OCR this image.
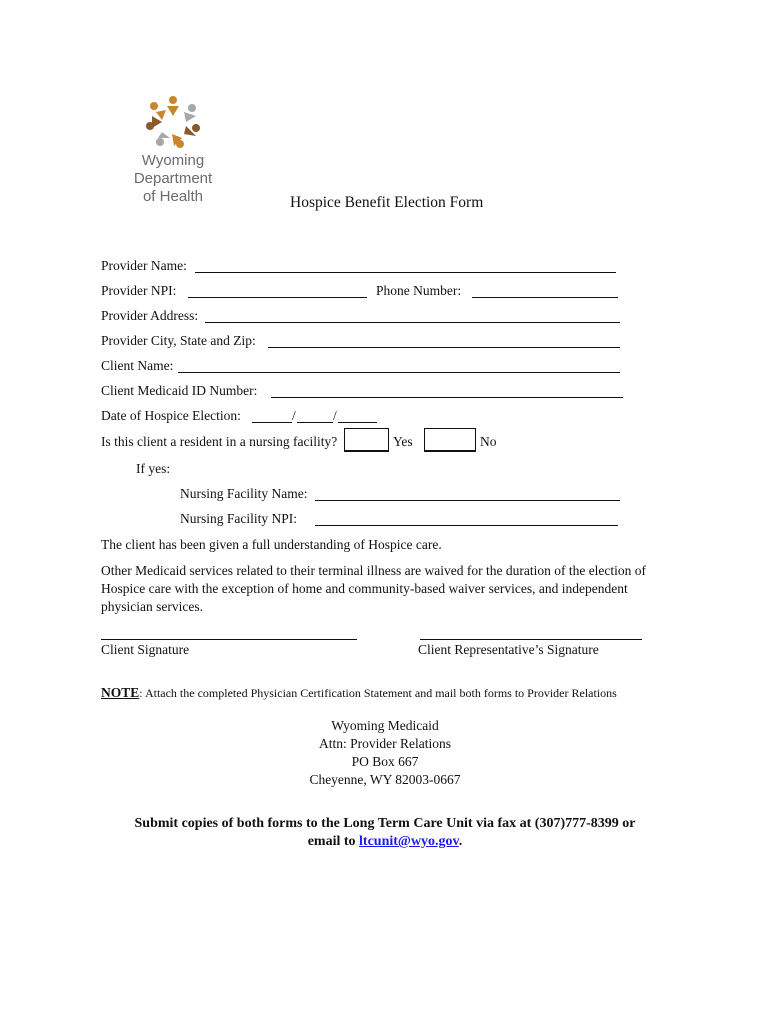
Wyoming
Department
of Health	Hospice Benefit Election Form
Provider Name:
Provider NPI:	Phone Number:
Provider Address:
Provider City, State and Zip:
Client Name:
Client Medicaid ID Number:
Date of Hospice Election:	/	/
Is this client a resident in a nursing facility?	Yes	No
If yes:
Nursing Facility Name:
Nursing Facility NPI:
The client has been given a full understanding of Hospice care.
Other Medicaid services related to their terminal illness are waived for the duration of the election of Hospice care with the exception of home and community-based waiver services, and independent physician services.
Client Signature	Client Representative’s Signature
NOTE: Attach the completed Physician Certification Statement and mail both forms to Provider Relations
Wyoming Medicaid
Attn: Provider Relations
PO Box 667
Cheyenne, WY 82003-0667
Submit copies of both forms to the Long Term Care Unit via fax at (307)777-8399 or
email to ltcunit@wyo.gov.
